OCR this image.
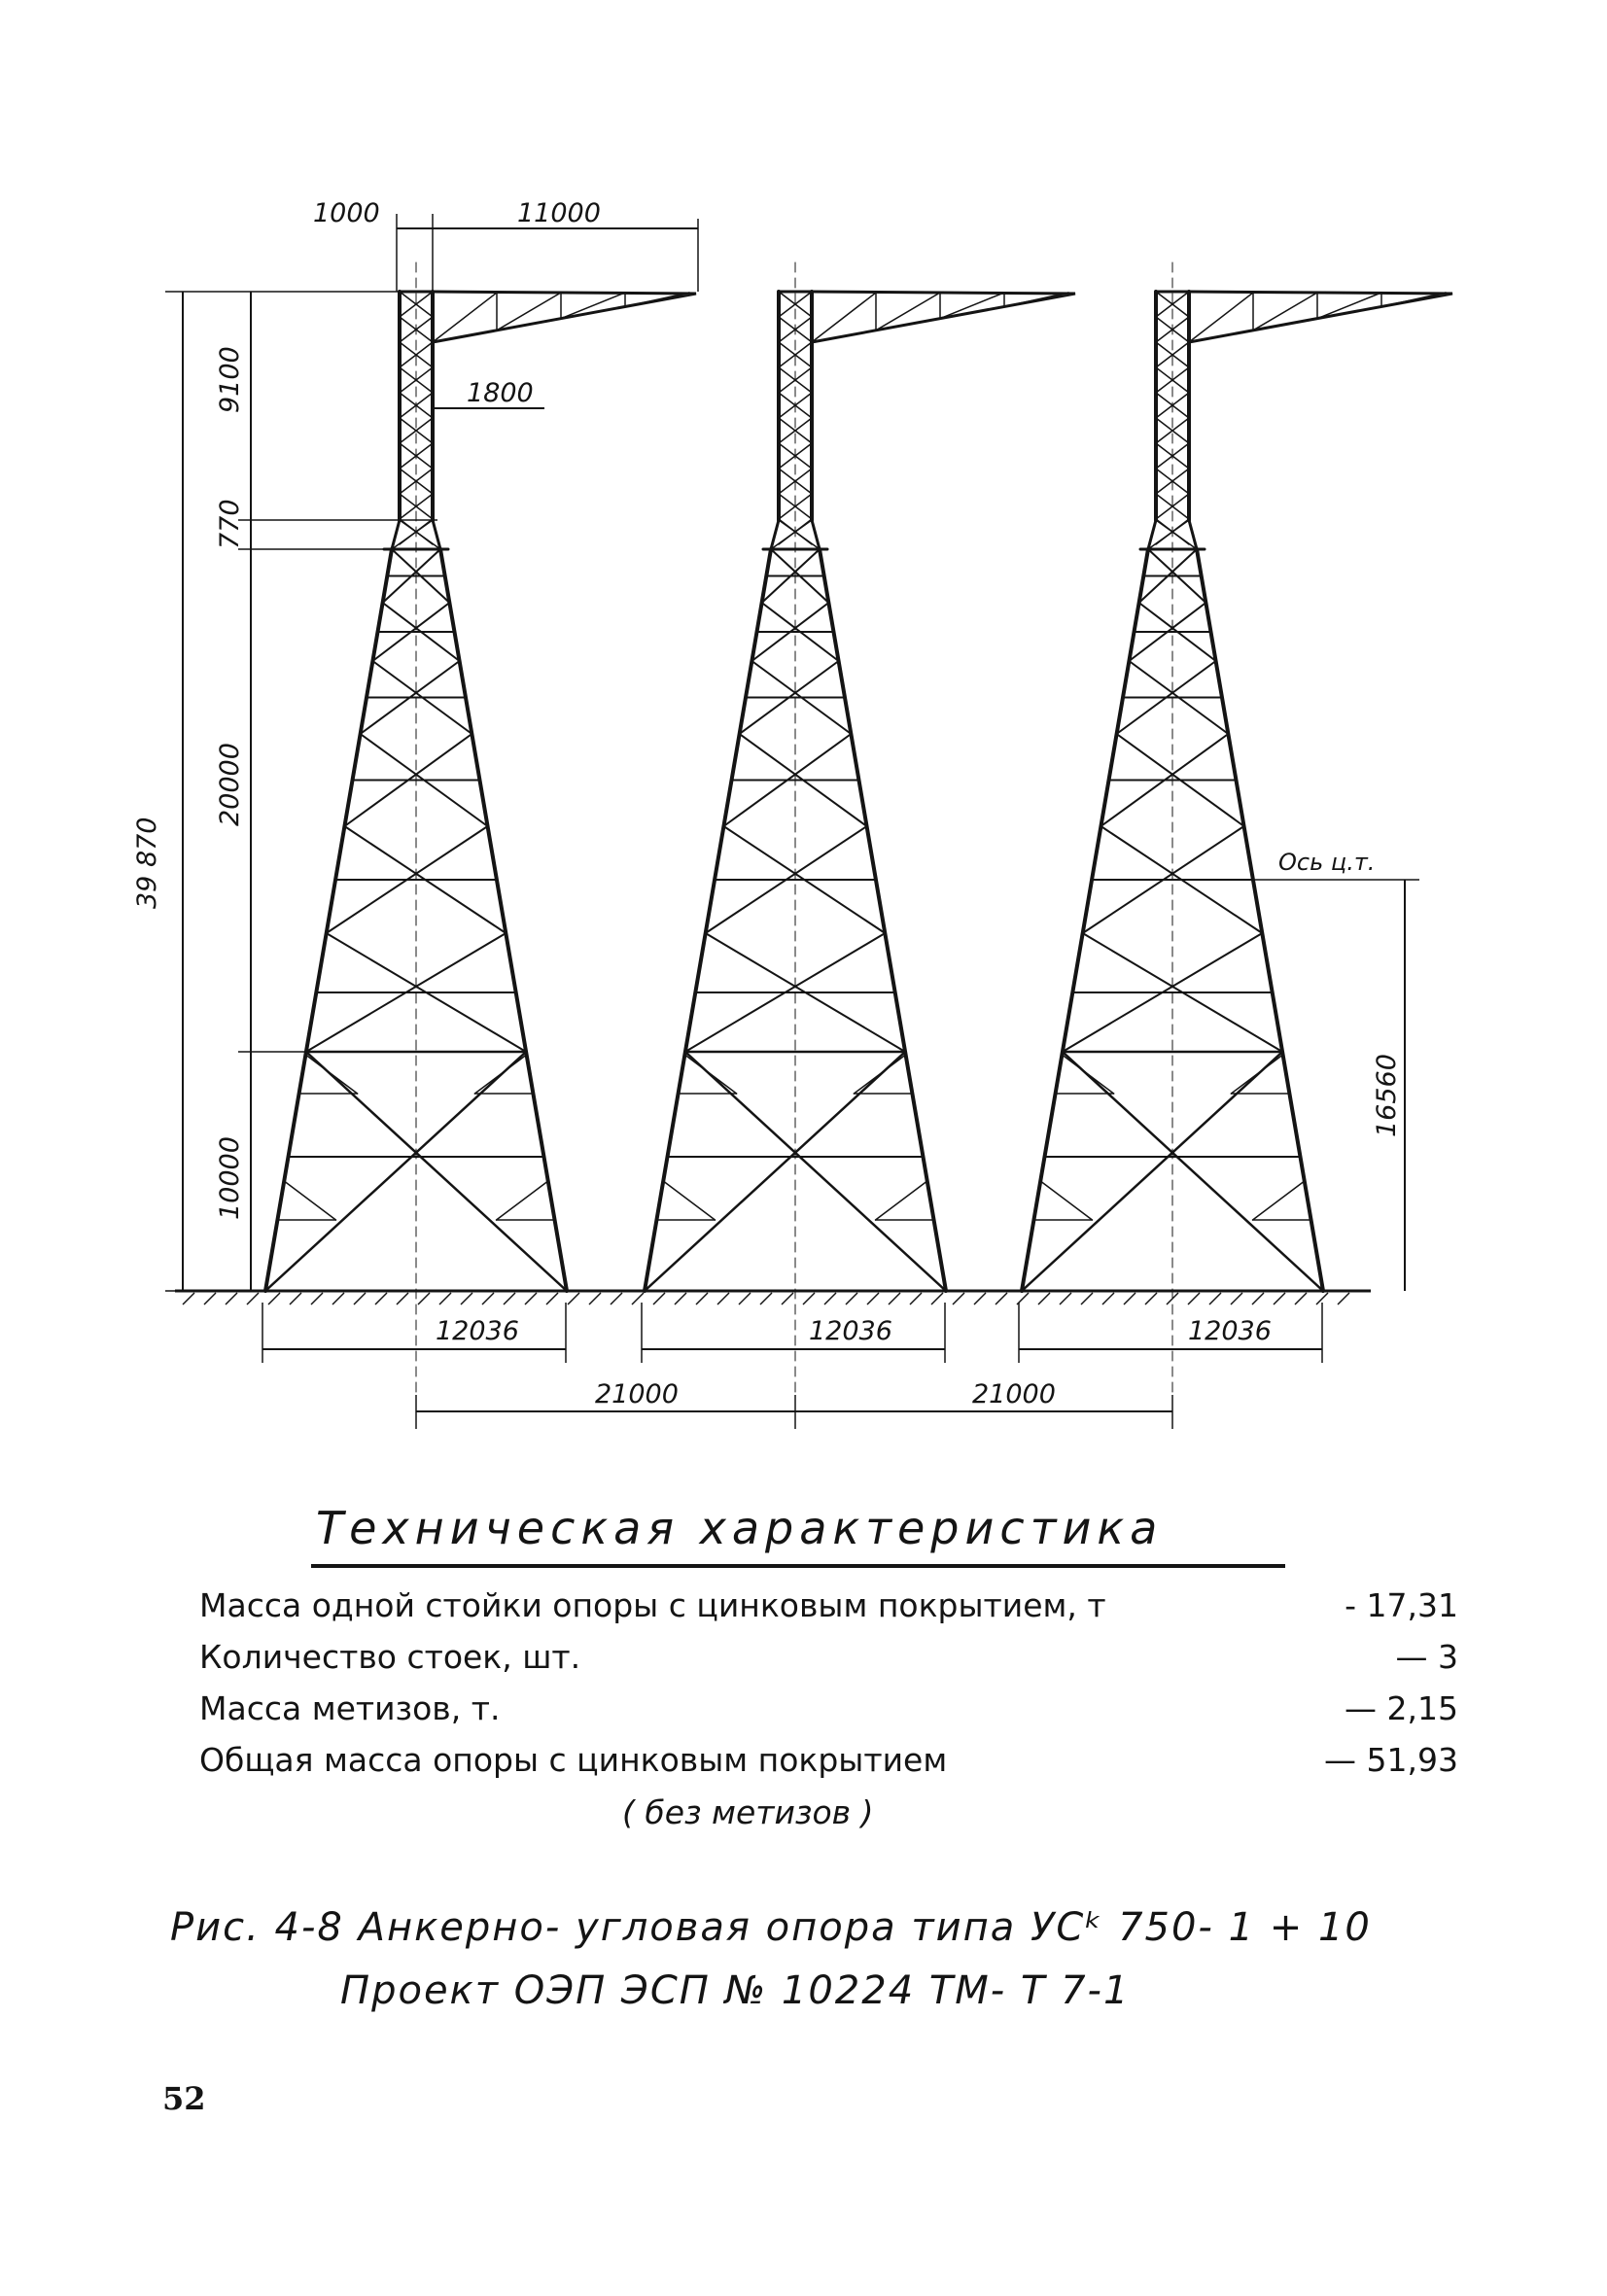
1000	11000
1800
39 870
9100
770
20000
10000
16560
Ось ц.т.
12036	12036	12036
21000	21000
Техническая характеристика
Масса одной стойки опоры с цинковым покрытием, т	- 17,31
Количество стоек, шт.	— 3
Масса метизов, т.	— 2,15
Общая масса опоры с цинковым покрытием	— 51,93
( без метизов )
Рис. 4-8 Анкерно- угловая опора типа УСᵏ 750- 1 + 10
Проект ОЭП ЭСП № 10224 ТМ- Т 7-1
52
